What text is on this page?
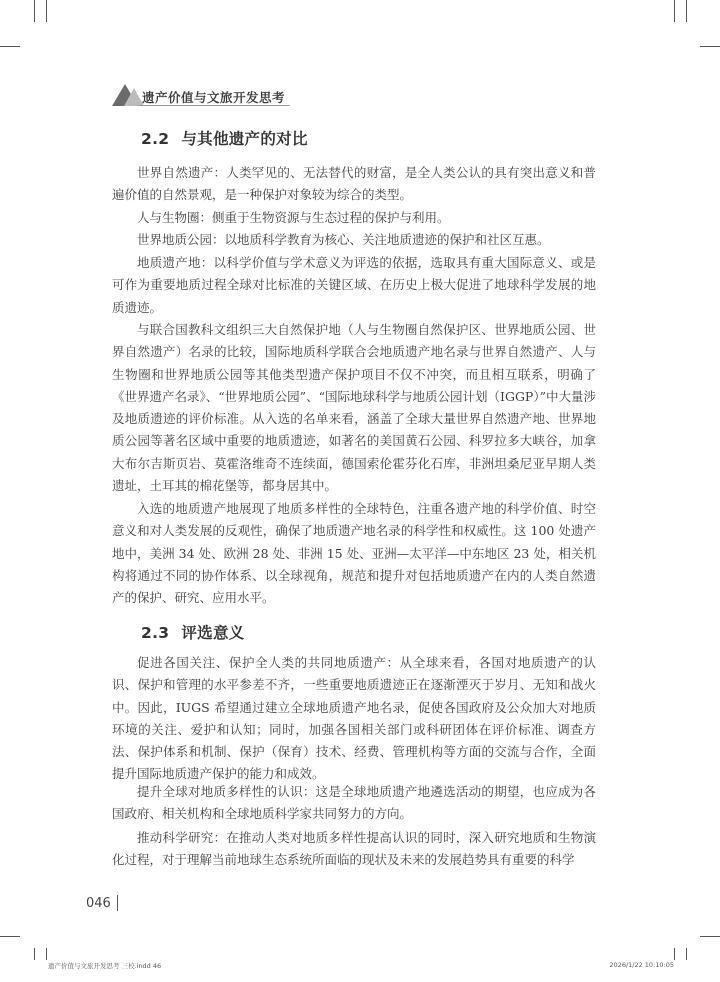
遗产价值与文旅开发思考
2.2 与其他遗产的对比

世界自然遗产：人类罕见的、无法替代的财富，是全人类公认的具有突出意义和普遍价值的自然景观，是一种保护对象较为综合的类型。

人与生物圈：侧重于生物资源与生态过程的保护与利用。

世界地质公园：以地质科学教育为核心、关注地质遗迹的保护和社区互惠。

地质遗产地：以科学价值与学术意义为评选的依据，选取具有重大国际意义、或是可作为重要地质过程全球对比标准的关键区域、在历史上极大促进了地球科学发展的地质遗迹。

与联合国教科文组织三大自然保护地（人与生物圈自然保护区、世界地质公园、世界自然遗产）名录的比较，国际地质科学联合会地质遗产地名录与世界自然遗产、人与生物圈和世界地质公园等其他类型遗产保护项目不仅不冲突，而且相互联系，明确了《世界遗产名录》、“世界地质公园”、“国际地球科学与地质公园计划（IGGP）”中大量涉及地质遗迹的评价标准。从入选的名单来看，涵盖了全球大量世界自然遗产地、世界地质公园等著名区域中重要的地质遗迹，如著名的美国黄石公园、科罗拉多大峡谷，加拿大布尔吉斯页岩、莫霍洛维奇不连续面，德国索伦霍芬化石库，非洲坦桑尼亚早期人类遗址，土耳其的棉花堡等，都身居其中。

入选的地质遗产地展现了地质多样性的全球特色，注重各遗产地的科学价值、时空意义和对人类发展的反观性，确保了地质遗产地名录的科学性和权威性。这 100 处遗产地中，美洲 34 处、欧洲 28 处、非洲 15 处、亚洲—太平洋—中东地区 23 处，相关机构将通过不同的协作体系、以全球视角，规范和提升对包括地质遗产在内的人类自然遗产的保护、研究、应用水平。

2.3 评选意义

促进各国关注、保护全人类的共同地质遗产：从全球来看，各国对地质遗产的认识、保护和管理的水平参差不齐，一些重要地质遗迹正在逐渐湮灭于岁月、无知和战火中。因此，IUGS 希望通过建立全球地质遗产地名录，促使各国政府及公众加大对地质环境的关注、爱护和认知；同时，加强各国相关部门或科研团体在评价标准、调查方法、保护体系和机制、保护（保育）技术、经费、管理机构等方面的交流与合作，全面提升国际地质遗产保护的能力和成效。

提升全球对地质多样性的认识：这是全球地质遗产地遴选活动的期望，也应成为各国政府、相关机构和全球地质科学家共同努力的方向。

推动科学研究：在推动人类对地质多样性提高认识的同时，深入研究地质和生物演化过程，对于理解当前地球生态系统所面临的现状及未来的发展趋势具有重要的科学

046
遗产价值与文旅开发思考 三校.indd 46	2026/1/22 10:10:05
